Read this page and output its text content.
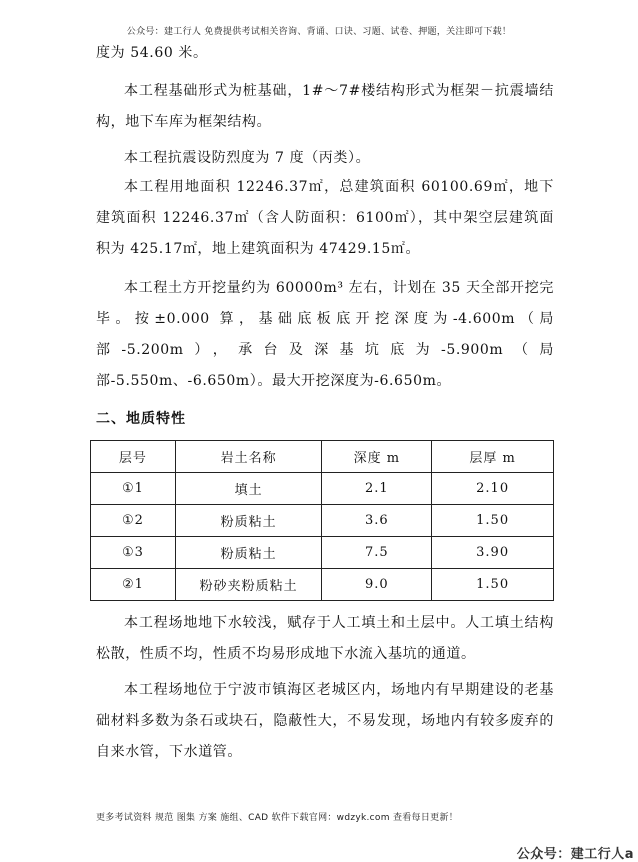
公众号：建工行人 免费提供考试相关咨询、背诵、口诀、习题、试卷、押题，关注即可下载！

度为 54.60 米。

本工程基础形式为桩基础，1#～7#楼结构形式为框架－抗震墙结构，地下车库为框架结构。

本工程抗震设防烈度为 7 度（丙类）。

本工程用地面积 12246.37㎡，总建筑面积 60100.69㎡，地下建筑面积 12246.37㎡（含人防面积：6100㎡），其中架空层建筑面积为 425.17㎡，地上建筑面积为 47429.15㎡。

本工程土方开挖量约为 60000m³ 左右，计划在 35 天全部开挖完毕。按±0.000 算，基础底板底开挖深度为-4.600m（局部-5.200m），承台及深基坑底为-5.900m（局部-5.550m、-6.650m）。最大开挖深度为-6.650m。

二、地质特性
层号	岩土名称	深度 m	层厚 m
①1	填土	2.1	2.10
①2	粉质粘土	3.6	1.50
①3	粉质粘土	7.5	3.90
②1	粉砂夹粉质粘土	9.0	1.50

本工程场地地下水较浅，赋存于人工填土和土层中。人工填土结构松散，性质不均，性质不均易形成地下水流入基坑的通道。

本工程场地位于宁波市镇海区老城区内，场地内有早期建设的老基础材料多数为条石或块石，隐蔽性大，不易发现，场地内有较多废弃的自来水管，下水道管。

更多考试资料 规范 图集 方案 施组、CAD 软件下载官网：wdzyk.com 查看每日更新！
公众号：建工行人a
